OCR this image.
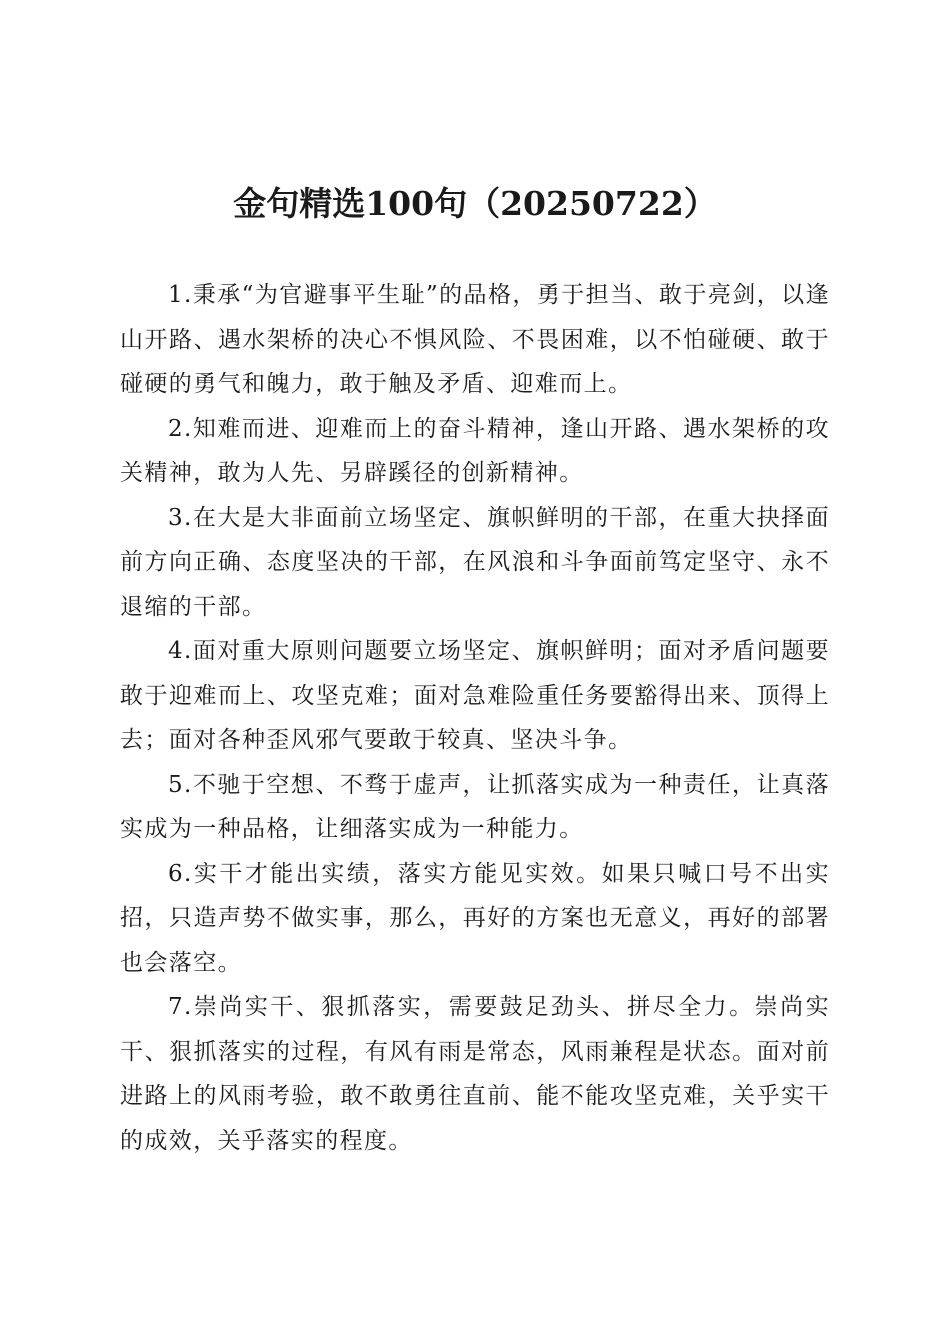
金句精选100句（20250722）

1.秉承“为官避事平生耻”的品格，勇于担当、敢于亮剑，以逢山开路、遇水架桥的决心不惧风险、不畏困难，以不怕碰硬、敢于碰硬的勇气和魄力，敢于触及矛盾、迎难而上。

2.知难而进、迎难而上的奋斗精神，逢山开路、遇水架桥的攻关精神，敢为人先、另辟蹊径的创新精神。

3.在大是大非面前立场坚定、旗帜鲜明的干部，在重大抉择面前方向正确、态度坚决的干部，在风浪和斗争面前笃定坚守、永不退缩的干部。

4.面对重大原则问题要立场坚定、旗帜鲜明；面对矛盾问题要敢于迎难而上、攻坚克难；面对急难险重任务要豁得出来、顶得上去；面对各种歪风邪气要敢于较真、坚决斗争。

5.不驰于空想、不骛于虚声，让抓落实成为一种责任，让真落实成为一种品格，让细落实成为一种能力。

6.实干才能出实绩，落实方能见实效。如果只喊口号不出实招，只造声势不做实事，那么，再好的方案也无意义，再好的部署也会落空。

7.崇尚实干、狠抓落实，需要鼓足劲头、拼尽全力。崇尚实干、狠抓落实的过程，有风有雨是常态，风雨兼程是状态。面对前进路上的风雨考验，敢不敢勇往直前、能不能攻坚克难，关乎实干的成效，关乎落实的程度。
